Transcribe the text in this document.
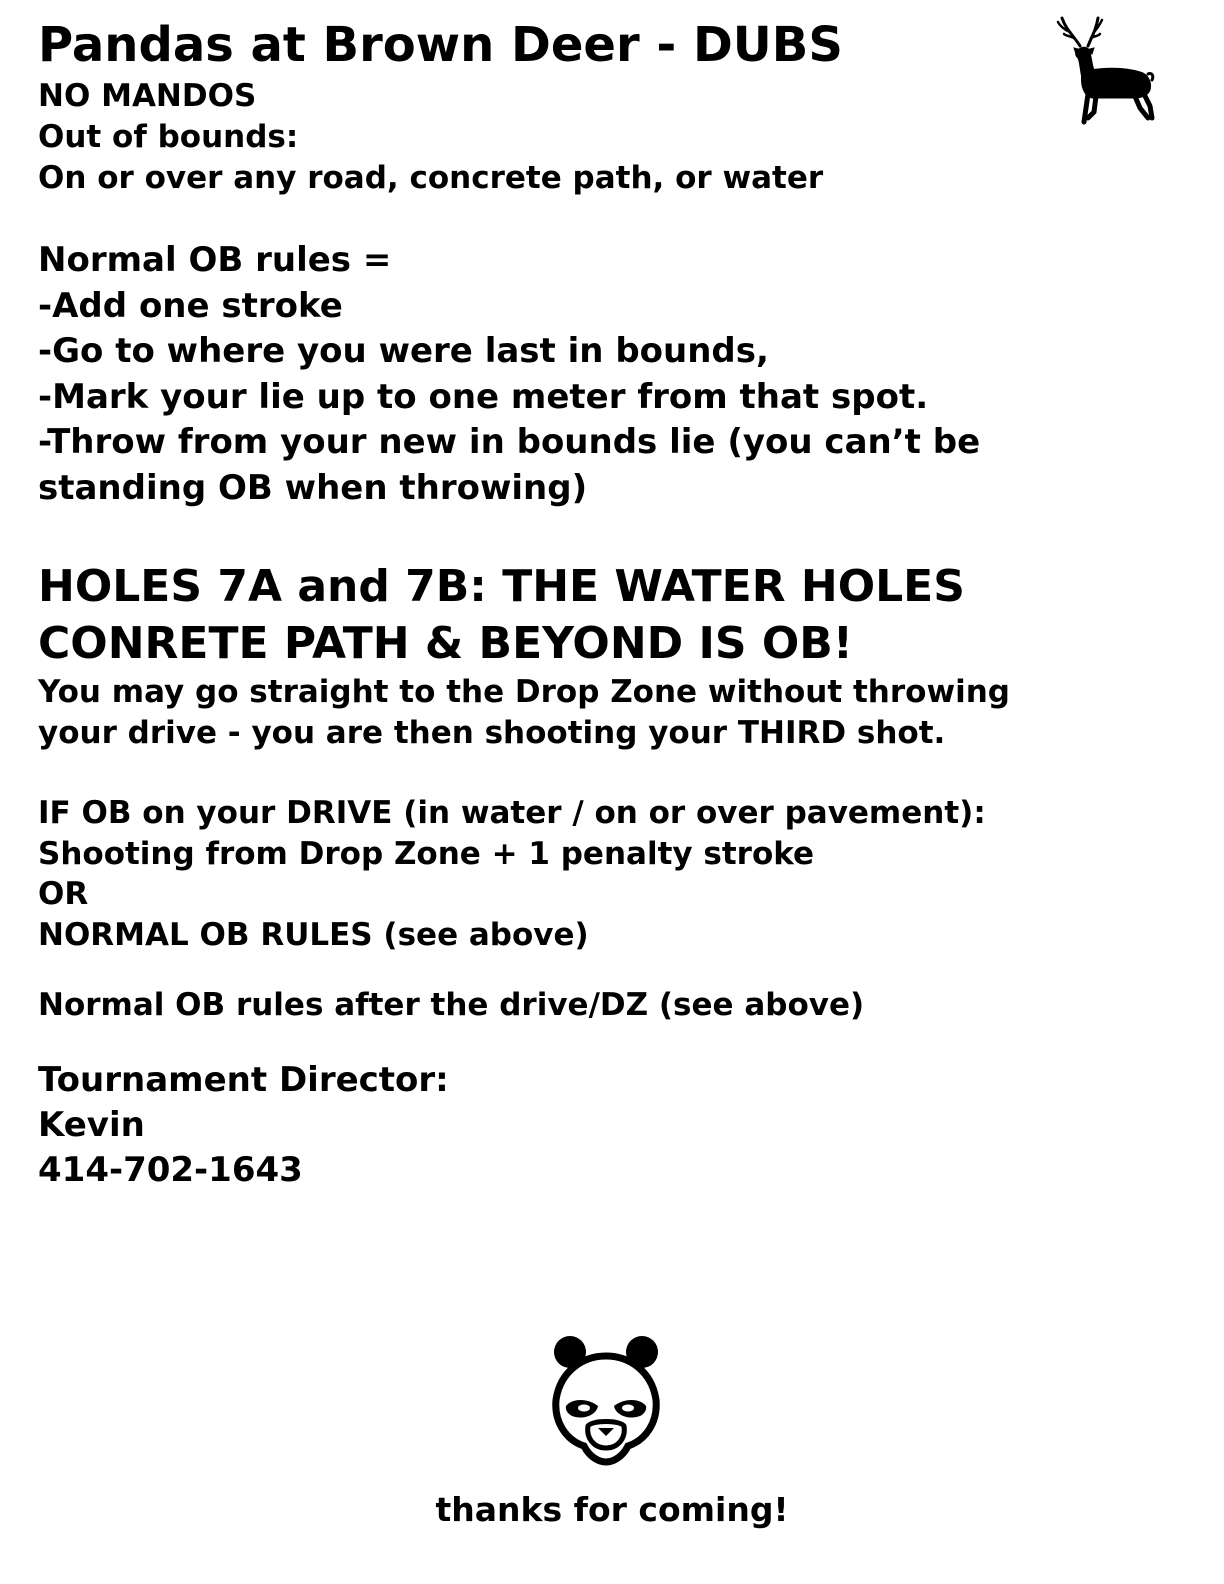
Pandas at Brown Deer - DUBS
NO MANDOS
Out of bounds:
On or over any road, concrete path, or water
Normal OB rules =
-Add one stroke
-Go to where you were last in bounds,
-Mark your lie up to one meter from that spot.
-Throw from your new in bounds lie (you can’t be
standing OB when throwing)
HOLES 7A and 7B: THE WATER HOLES
CONRETE PATH & BEYOND IS OB!
You may go straight to the Drop Zone without throwing
your drive - you are then shooting your THIRD shot.
IF OB on your DRIVE (in water / on or over pavement):
Shooting from Drop Zone + 1 penalty stroke
OR
NORMAL OB RULES (see above)
Normal OB rules after the drive/DZ (see above)
Tournament Director:
Kevin
414-702-1643

thanks for coming!
